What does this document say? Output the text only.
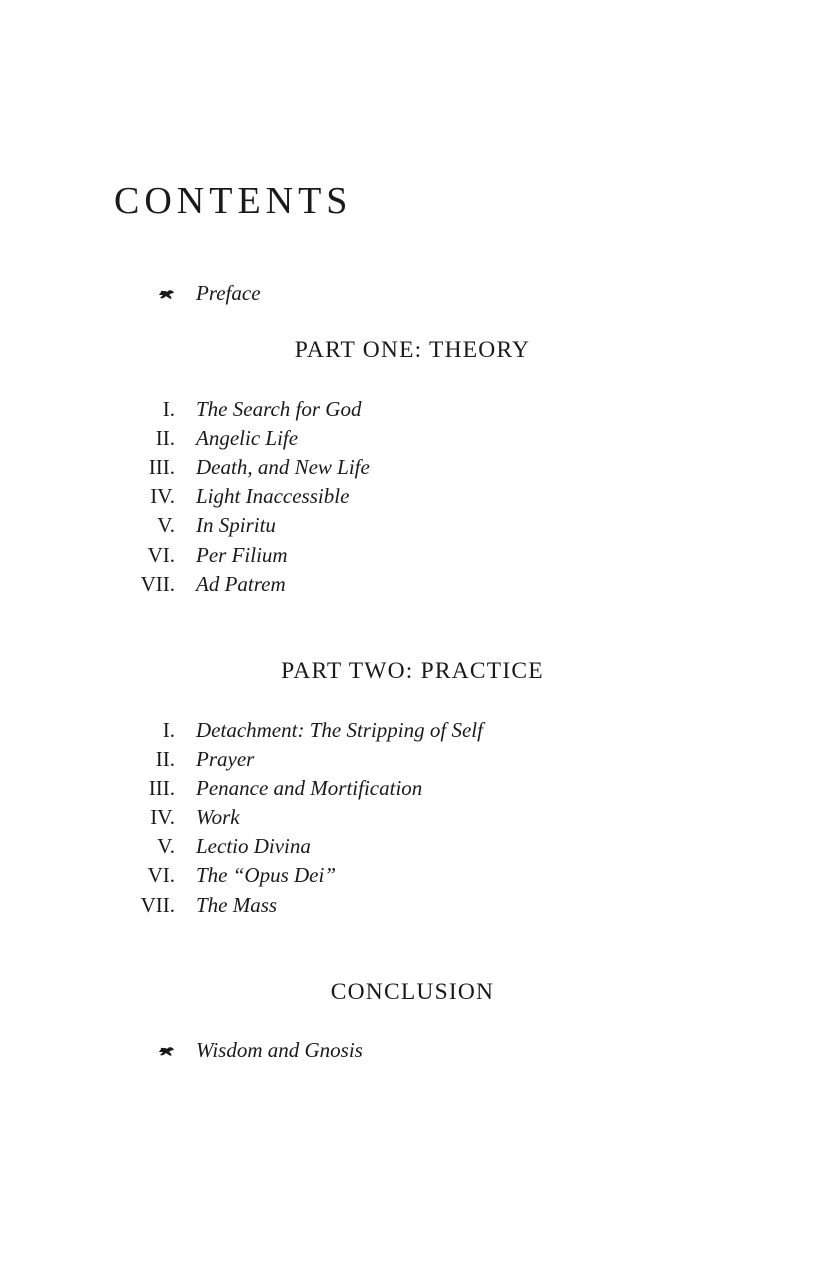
CONTENTS
Preface
PART ONE: THEORY
I. The Search for God
II. Angelic Life
III. Death, and New Life
IV. Light Inaccessible
V. In Spiritu
VI. Per Filium
VII. Ad Patrem
PART TWO: PRACTICE
I. Detachment: The Stripping of Self
II. Prayer
III. Penance and Mortification
IV. Work
V. Lectio Divina
VI. The “Opus Dei”
VII. The Mass
CONCLUSION
Wisdom and Gnosis
